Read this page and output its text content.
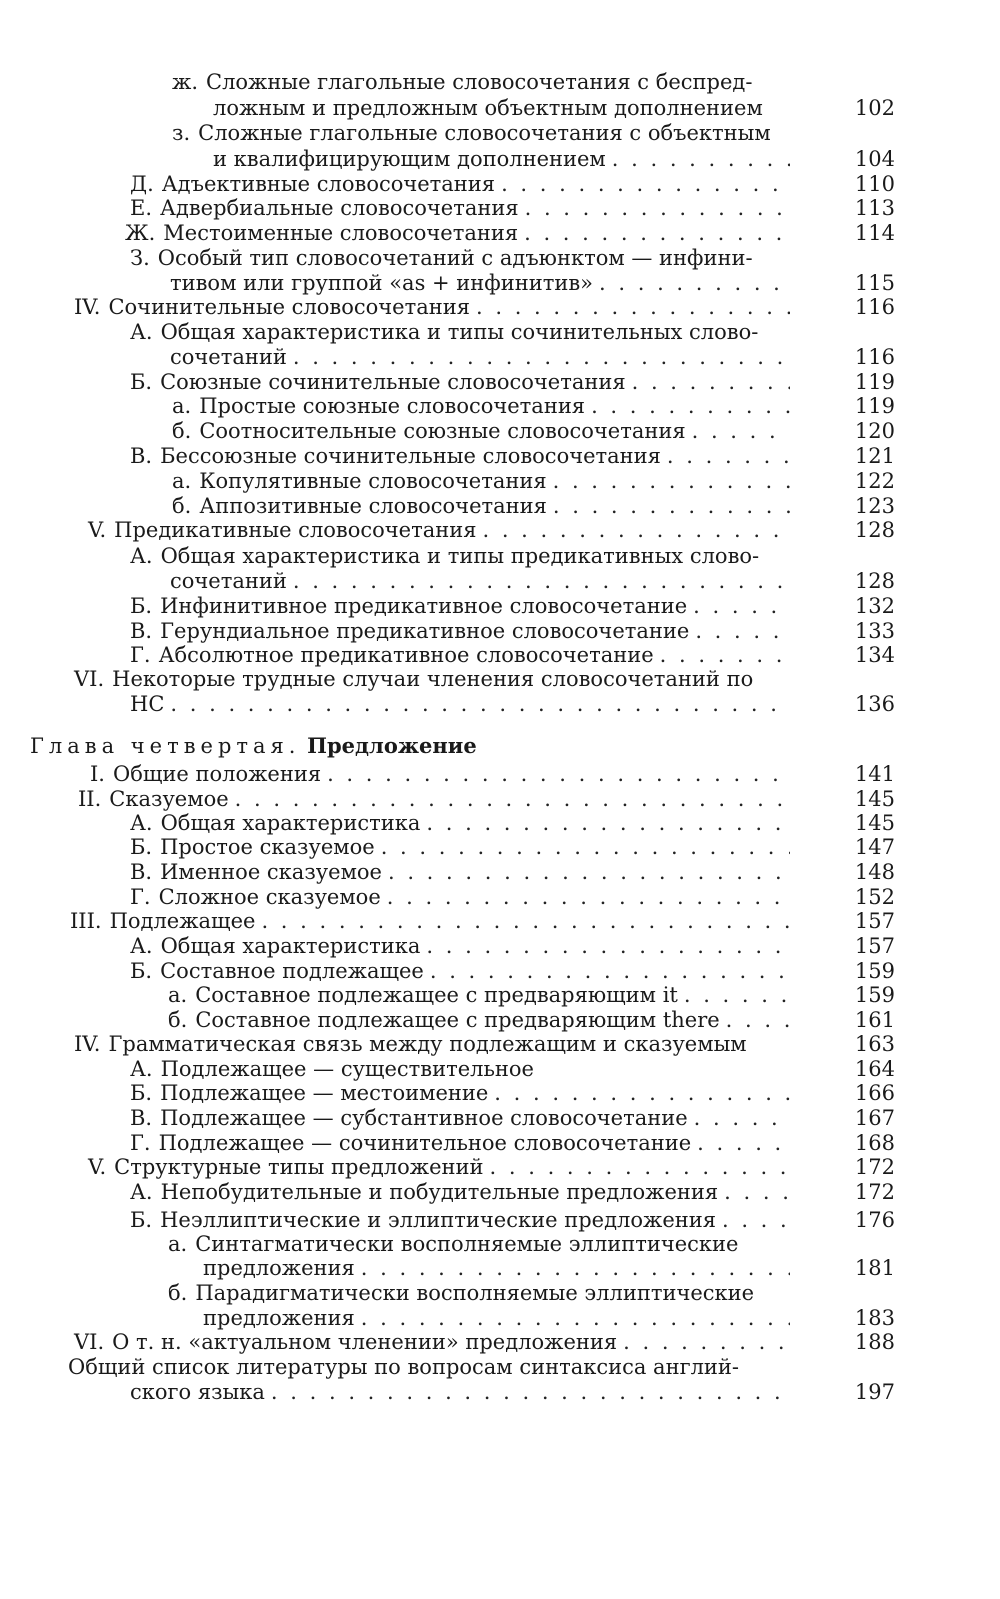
ж. Сложные глагольные словосочетания с беспред-
ложным и предложным объектным дополнением	102
з. Сложные глагольные словосочетания с объектным
и квалифицирующим дополнением . . .	104
Д. Адъективные словосочетания . . .	110
Е. Адвербиальные словосочетания . . .	113
Ж. Местоименные словосочетания . . .	114
З. Особый тип словосочетаний с адъюнктом — инфини-
тивом или группой «as + инфинитив» . . .	115
IV. Сочинительные словосочетания . . .	116
А. Общая характеристика и типы сочинительных слово-
сочетаний . . .	116
Б. Союзные сочинительные словосочетания . . .	119
а. Простые союзные словосочетания . . .	119
б. Соотносительные союзные словосочетания . . .	120
В. Бессоюзные сочинительные словосочетания . . .	121
а. Копулятивные словосочетания . . .	122
б. Аппозитивные словосочетания . . .	123
V. Предикативные словосочетания . . .	128
А. Общая характеристика и типы предикативных слово-
сочетаний . . .	128
Б. Инфинитивное предикативное словосочетание . . .	132
В. Герундиальное предикативное словосочетание . . .	133
Г. Абсолютное предикативное словосочетание . . .	134
VI. Некоторые трудные случаи членения словосочетаний по
НС . . .	136
Глава четвертая. Предложение
I. Общие положения . . .	141
II. Сказуемое . . .	145
А. Общая характеристика . . .	145
Б. Простое сказуемое . . .	147
В. Именное сказуемое . . .	148
Г. Сложное сказуемое . . .	152
III. Подлежащее . . .	157
А. Общая характеристика . . .	157
Б. Составное подлежащее . . .	159
а. Составное подлежащее с предваряющим it . . .	159
б. Составное подлежащее с предваряющим there . . .	161
IV. Грамматическая связь между подлежащим и сказуемым	163
А. Подлежащее — существительное	164
Б. Подлежащее — местоимение . . .	166
В. Подлежащее — субстантивное словосочетание . . .	167
Г. Подлежащее — сочинительное словосочетание . . .	168
V. Структурные типы предложений . . .	172
А. Непобудительные и побудительные предложения . . .	172
Б. Неэллиптические и эллиптические предложения . . .	176
а. Синтагматически восполняемые эллиптические
предложения . . .	181
б. Парадигматически восполняемые эллиптические
предложения . . .	183
VI. О т. н. «актуальном членении» предложения . . .	188
Общий список литературы по вопросам синтаксиса англий-
ского языка . . .	197
